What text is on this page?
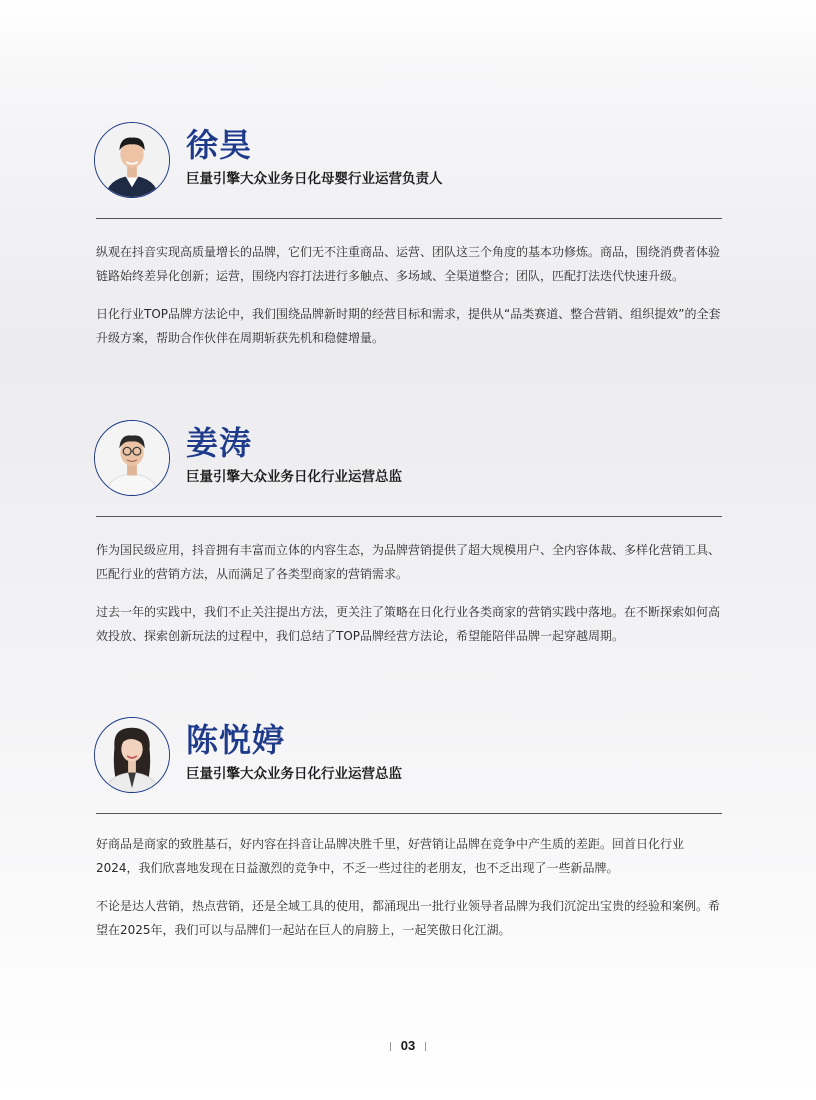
徐昊
巨量引擎大众业务日化母婴行业运营负责人

纵观在抖音实现高质量增长的品牌，它们无不注重商品、运营、团队这三个角度的基本功修炼。商品，围绕消费者体验链路始终差异化创新；运营，围绕内容打法进行多触点、多场域、全渠道整合；团队，匹配打法迭代快速升级。

日化行业TOP品牌方法论中，我们围绕品牌新时期的经营目标和需求，提供从“品类赛道、整合营销、组织提效”的全套升级方案，帮助合作伙伴在周期斩获先机和稳健增量。

姜涛
巨量引擎大众业务日化行业运营总监

作为国民级应用，抖音拥有丰富而立体的内容生态，为品牌营销提供了超大规模用户、全内容体裁、多样化营销工具、匹配行业的营销方法，从而满足了各类型商家的营销需求。

过去一年的实践中，我们不止关注提出方法，更关注了策略在日化行业各类商家的营销实践中落地。在不断探索如何高效投放、探索创新玩法的过程中，我们总结了TOP品牌经营方法论，希望能陪伴品牌一起穿越周期。

陈悦婷
巨量引擎大众业务日化行业运营总监

好商品是商家的致胜基石，好内容在抖音让品牌决胜千里，好营销让品牌在竞争中产生质的差距。回首日化行业2024，我们欣喜地发现在日益激烈的竞争中，不乏一些过往的老朋友，也不乏出现了一些新品牌。

不论是达人营销，热点营销，还是全域工具的使用，都涌现出一批行业领导者品牌为我们沉淀出宝贵的经验和案例。希望在2025年，我们可以与品牌们一起站在巨人的肩膀上，一起笑傲日化江湖。

03
